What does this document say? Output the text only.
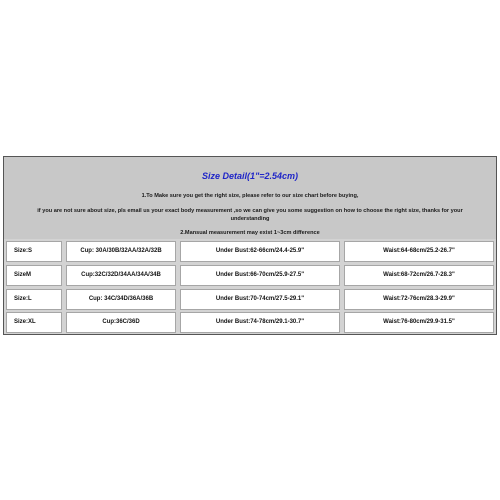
Size Detail(1"=2.54cm)
1.To Make sure you get the right size, please refer to our size chart before buying,
if you are not sure about size, pls email us your exact body measurement ,so we can give you some suggestion on how to choose the right size, thanks for your understanding
2.Mansual measurement may exist 1~3cm difference
Size:S	Cup: 30A/30B/32AA/32A/32B	Under Bust:62-66cm/24.4-25.9"	Waist:64-68cm/25.2-26.7"
SizeM	Cup:32C/32D/34AA/34A/34B	Under Bust:66-70cm/25.9-27.5"	Waist:68-72cm/26.7-28.3"
Size:L	Cup: 34C/34D/36A/36B	Under Bust:70-74cm/27.5-29.1"	Waist:72-76cm/28.3-29.9"
Size:XL	Cup:36C/36D	Under Bust:74-78cm/29.1-30.7"	Waist:76-80cm/29.9-31.5"
